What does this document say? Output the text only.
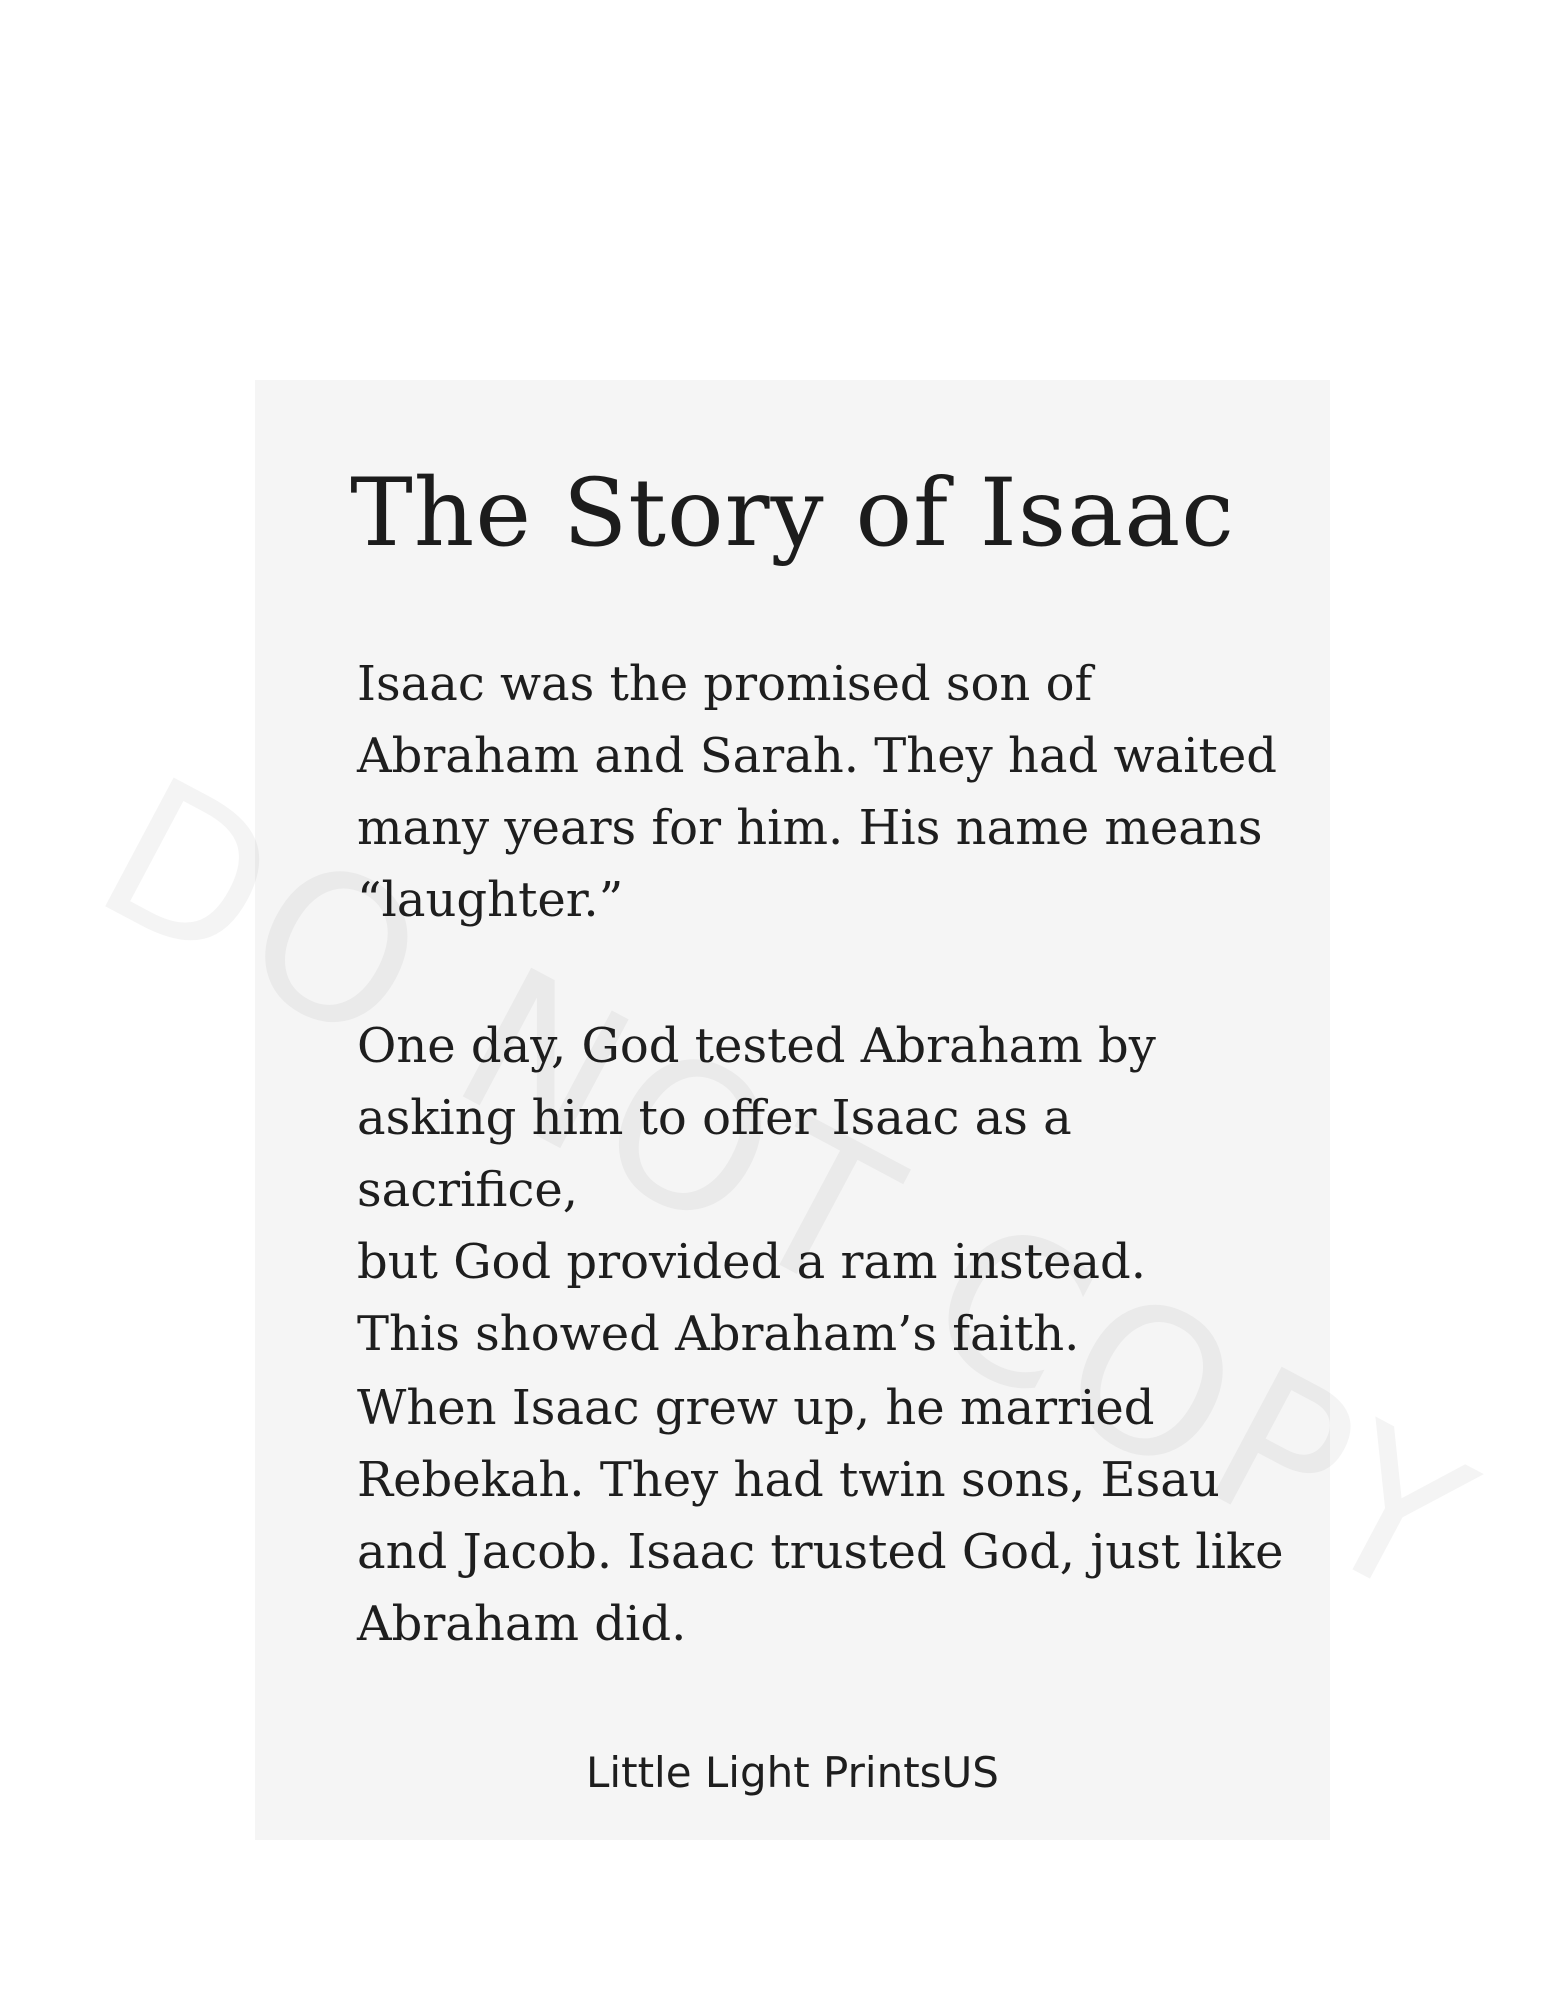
The Story of Isaac

Isaac was the promised son of
Abraham and Sarah. They had waited
many years for him. His name means
“laughter.”

One day, God tested Abraham by
asking him to offer Isaac as a sacrifice,
but God provided a ram instead.
This showed Abraham’s faith.

When Isaac grew up, he married
Rebekah. They had twin sons, Esau
and Jacob. Isaac trusted God, just like
Abraham did.

Little Light PrintsUS
